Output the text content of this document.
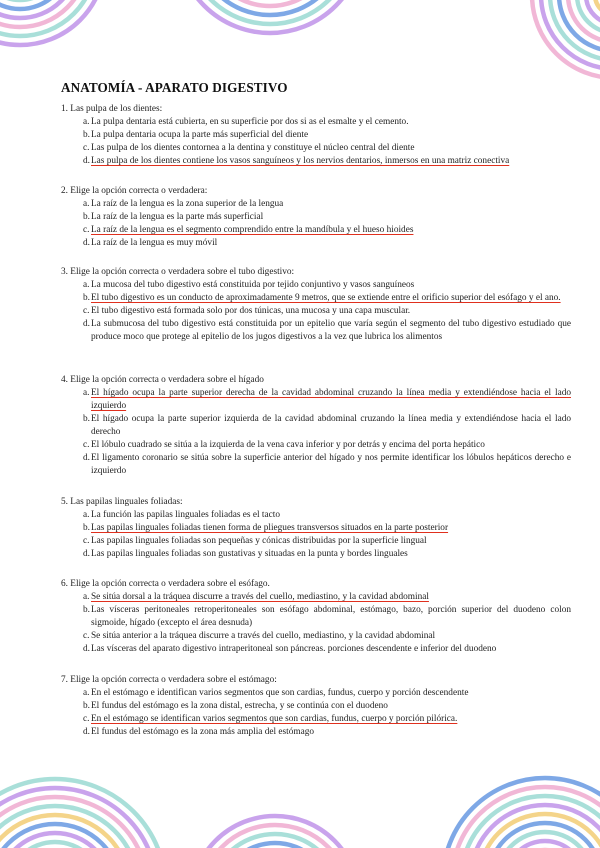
ANATOMÍA - APARATO DIGESTIVO
1. Las pulpa de los dientes:
a. La pulpa dentaria está cubierta, en su superficie por dos si as el esmalte y el cemento.
b. La pulpa dentaria ocupa la parte más superficial del diente
c. Las pulpa de los dientes contornea a la dentina y constituye el núcleo central del diente
d. Las pulpa de los dientes contiene los vasos sanguíneos y los nervios dentarios, inmersos en una matriz conectiva
2. Elige la opción correcta o verdadera:
a. La raíz de la lengua es la zona superior de la lengua
b. La raíz de la lengua es la parte más superficial
c. La raíz de la lengua es el segmento comprendido entre la mandíbula y el hueso hioides
d. La raíz de la lengua es muy móvil
3. Elige la opción correcta o verdadera sobre el tubo digestivo:
a. La mucosa del tubo digestivo está constituida por tejido conjuntivo y vasos sanguíneos
b. El tubo digestivo es un conducto de aproximadamente 9 metros, que se extiende entre el orificio superior del esófago y el ano.
c. El tubo digestivo está formada solo por dos túnicas, una mucosa y una capa muscular.
d. La submucosa del tubo digestivo está constituida por un epitelio que varía según el segmento del tubo digestivo estudiado que produce moco que protege al epitelio de los jugos digestivos a la vez que lubrica los alimentos
4. Elige la opción correcta o verdadera sobre el hígado
a. El hígado ocupa la parte superior derecha de la cavidad abdominal cruzando la línea media y extendiéndose hacia el lado izquierdo
b. El hígado ocupa la parte superior izquierda de la cavidad abdominal cruzando la línea media y extendiéndose hacia el lado derecho
c. El lóbulo cuadrado se sitúa a la izquierda de la vena cava inferior y por detrás y encima del porta hepático
d. El ligamento coronario se sitúa sobre la superficie anterior del hígado y nos permite identificar los lóbulos hepáticos derecho e izquierdo
5. Las papilas linguales foliadas:
a. La función las papilas linguales foliadas es el tacto
b. Las papilas linguales foliadas tienen forma de pliegues transversos situados en la parte posterior
c. Las papilas linguales foliadas son pequeñas y cónicas distribuidas por la superficie lingual
d. Las papilas linguales foliadas son gustativas y situadas en la punta y bordes linguales
6. Elige la opción correcta o verdadera sobre el esófago.
a. Se sitúa dorsal a la tráquea discurre a través del cuello, mediastino, y la cavidad abdominal
b. Las vísceras peritoneales retroperitoneales son esófago abdominal, estómago, bazo, porción superior del duodeno colon sigmoide, hígado (excepto el área desnuda)
c. Se sitúa anterior a la tráquea discurre a través del cuello, mediastino, y la cavidad abdominal
d. Las vísceras del aparato digestivo intraperitoneal son páncreas. porciones descendente e inferior del duodeno
7. Elige la opción correcta o verdadera sobre el estómago:
a. En el estómago e identifican varios segmentos que son cardias, fundus, cuerpo y porción descendente
b. El fundus del estómago es la zona distal, estrecha, y se continúa con el duodeno
c. En el estómago se identifican varios segmentos que son cardias, fundus, cuerpo y porción pilórica.
d. El fundus del estómago es la zona más amplia del estómago
